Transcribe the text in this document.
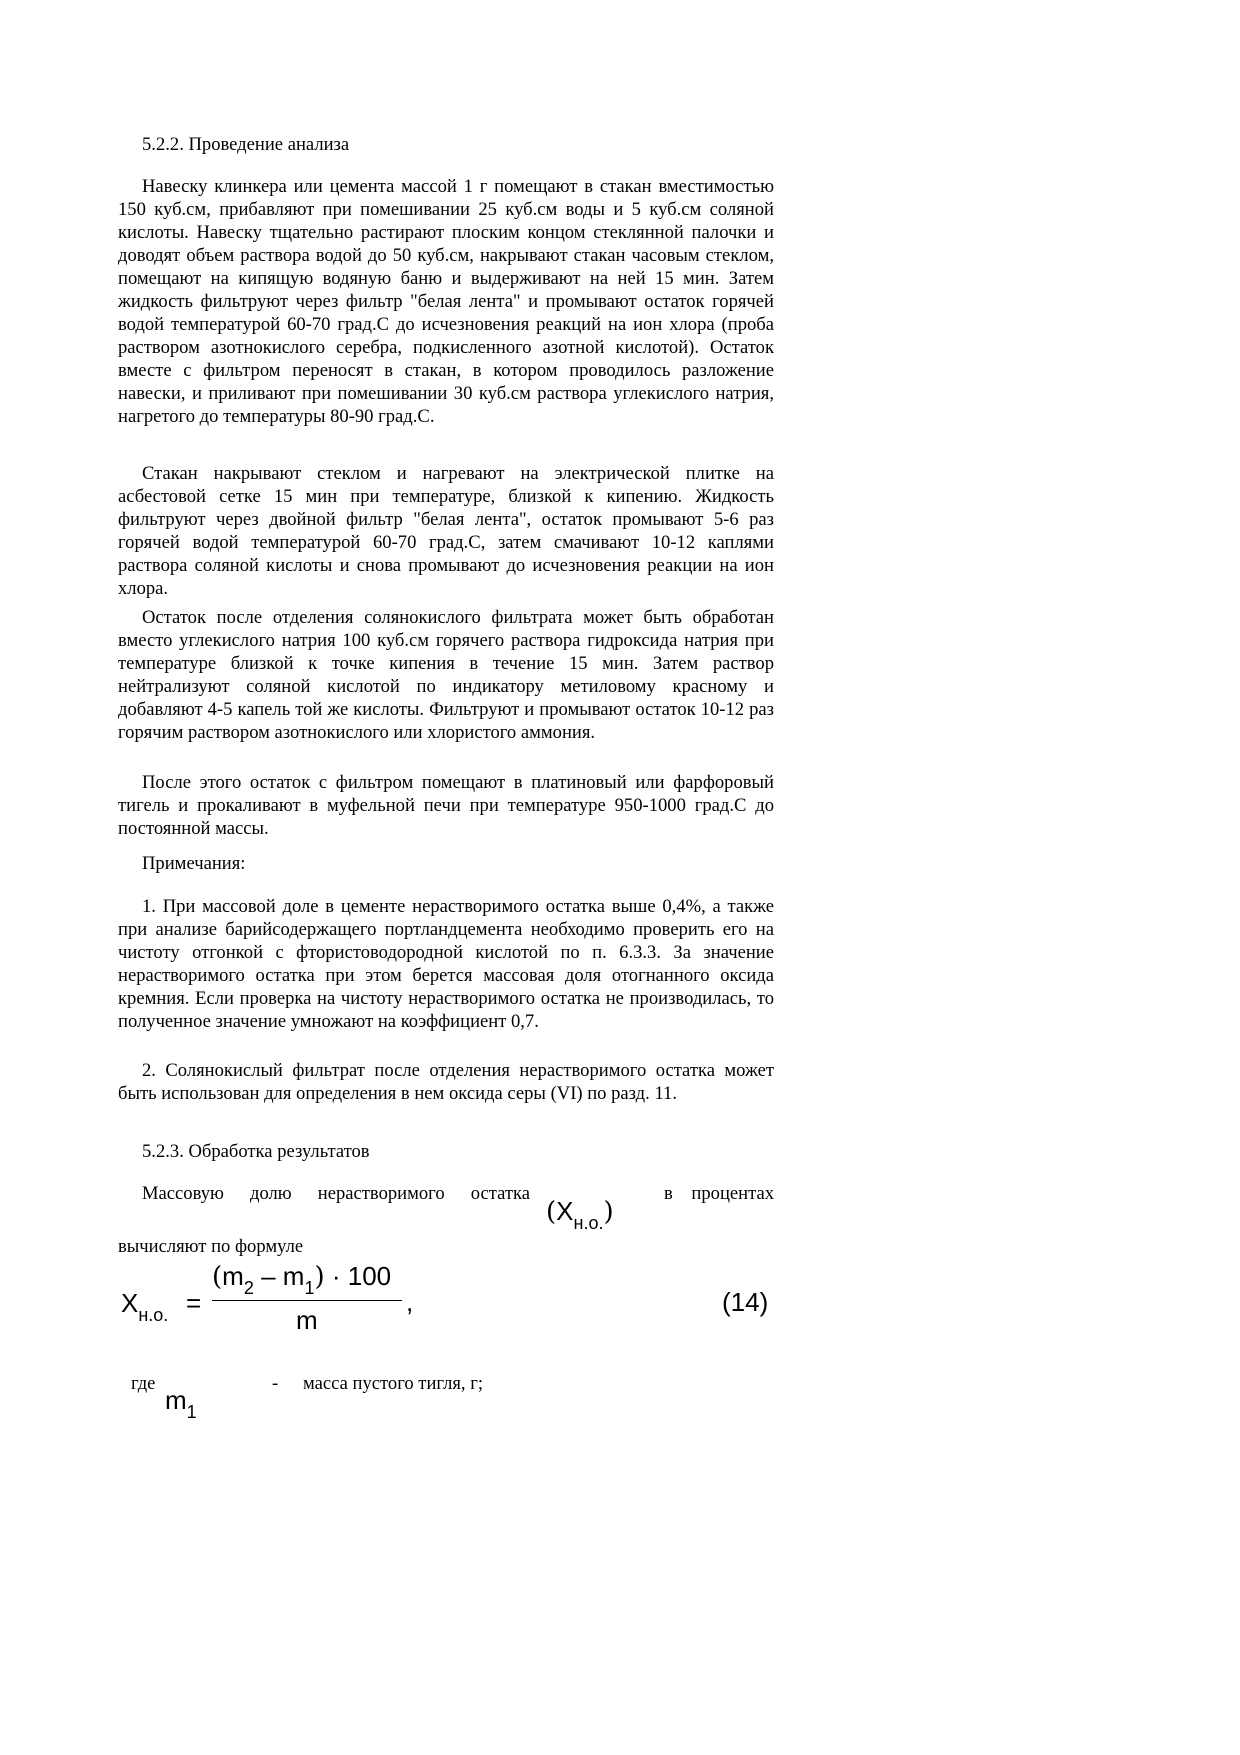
5.2.2. Проведение анализа

Навеску клинкера или цемента массой 1 г помещают в стакан вместимостью 150 куб.см, прибавляют при помешивании 25 куб.см воды и 5 куб.см соляной кислоты. Навеску тщательно растирают плоским концом стеклянной палочки и доводят объем раствора водой до 50 куб.см, накрывают стакан часовым стеклом, помещают на кипящую водяную баню и выдерживают на ней 15 мин. Затем жидкость фильтруют через фильтр "белая лента" и промывают остаток горячей водой температурой 60-70 град.С до исчезновения реакций на ион хлора (проба раствором азотнокислого серебра, подкисленного азотной кислотой). Остаток вместе с фильтром переносят в стакан, в котором проводилось разложение навески, и приливают при помешивании 30 куб.см раствора углекислого натрия, нагретого до температуры 80-90 град.С.

Стакан накрывают стеклом и нагревают на электрической плитке на асбестовой сетке 15 мин при температуре, близкой к кипению. Жидкость фильтруют через двойной фильтр "белая лента", остаток промывают 5-6 раз горячей водой температурой 60-70 град.С, затем смачивают 10-12 каплями раствора соляной кислоты и снова промывают до исчезновения реакции на ион хлора.

Остаток после отделения солянокислого фильтрата может быть обработан вместо углекислого натрия 100 куб.см горячего раствора гидроксида натрия при температуре близкой к точке кипения в течение 15 мин. Затем раствор нейтрализуют соляной кислотой по индикатору метиловому красному и добавляют 4-5 капель той же кислоты. Фильтруют и промывают остаток 10-12 раз горячим раствором азотнокислого или хлористого аммония.

После этого остаток с фильтром помещают в платиновый или фарфоровый тигель и прокаливают в муфельной печи при температуре 950-1000 град.С до постоянной массы.

Примечания:

1. При массовой доле в цементе нерастворимого остатка выше 0,4%, а также при анализе барийсодержащего портландцемента необходимо проверить его на чистоту отгонкой с фтористоводородной кислотой по п. 6.3.3. За значение нерастворимого остатка при этом берется массовая доля отогнанного оксида кремния. Если проверка на чистоту нерастворимого остатка не производилась, то полученное значение умножают на коэффициент 0,7.

2. Солянокислый фильтрат после отделения нерастворимого остатка может быть использован для определения в нем оксида серы (VI) по разд. 11.

5.2.3. Обработка результатов

Массовую долю нерастворимого остатка
$(X_{н.о.})$
в процентах
вычисляют по формуле
$X_{н.о.}$ =
$(m_2 - m_1) \cdot 100$
m
,	(14)
где
$m_1$
- масса пустого тигля, г;
